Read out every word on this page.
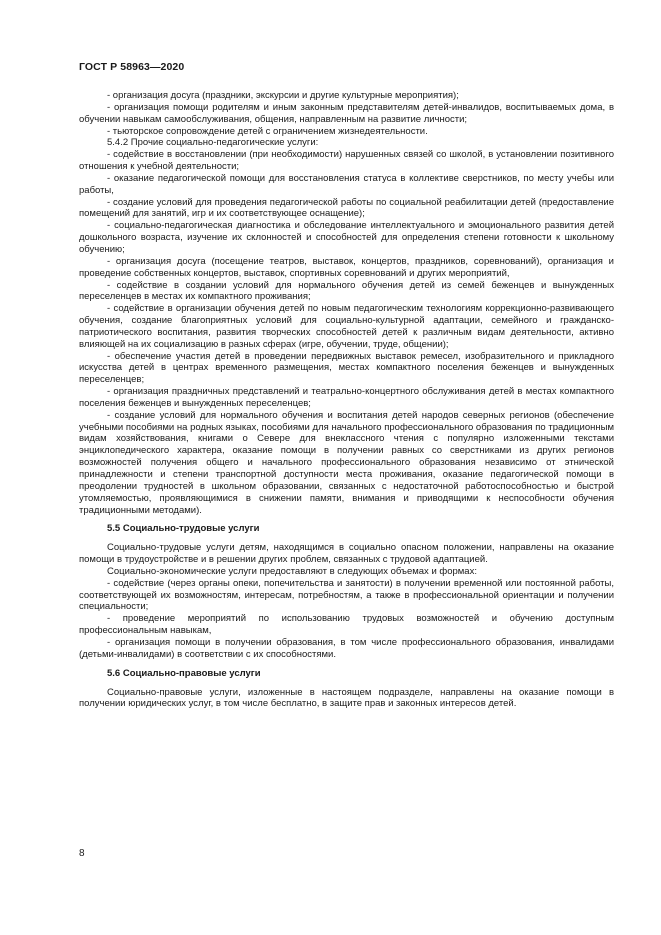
ГОСТ Р 58963—2020

- организация досуга (праздники, экскурсии и другие культурные мероприятия);

- организация помощи родителям и иным законным представителям детей-инвалидов, воспитываемых дома, в обучении навыкам самообслуживания, общения, направленным на развитие личности;

- тьюторское сопровождение детей с ограничением жизнедеятельности.

5.4.2 Прочие социально-педагогические услуги:

- содействие в восстановлении (при необходимости) нарушенных связей со школой, в установлении позитивного отношения к учебной деятельности;

- оказание педагогической помощи для восстановления статуса в коллективе сверстников, по месту учебы или работы,

- создание условий для проведения педагогической работы по социальной реабилитации детей (предоставление помещений для занятий, игр и их соответствующее оснащение);

- социально-педагогическая диагностика и обследование интеллектуального и эмоционального развития детей дошкольного возраста, изучение их склонностей и способностей для определения степени готовности к школьному обучению;

- организация досуга (посещение театров, выставок, концертов, праздников, соревнований), организация и проведение собственных концертов, выставок, спортивных соревнований и других мероприятий,

- содействие в создании условий для нормального обучения детей из семей беженцев и вынужденных переселенцев в местах их компактного проживания;

- содействие в организации обучения детей по новым педагогическим технологиям коррекционно-развивающего обучения, создание благоприятных условий для социально-культурной адаптации, семейного и гражданско-патриотического воспитания, развития творческих способностей детей к различным видам деятельности, активно влияющей на их социализацию в разных сферах (игре, обучении, труде, общении);

- обеспечение участия детей в проведении передвижных выставок ремесел, изобразительного и прикладного искусства детей в центрах временного размещения, местах компактного поселения беженцев и вынужденных переселенцев;

- организация праздничных представлений и театрально-концертного обслуживания детей в местах компактного поселения беженцев и вынужденных переселенцев;

- создание условий для нормального обучения и воспитания детей народов северных регионов (обеспечение учебными пособиями на родных языках, пособиями для начального профессионального образования по традиционным видам хозяйствования, книгами о Севере для внеклассного чтения с популярно изложенными текстами энциклопедического характера, оказание помощи в получении равных со сверстниками из других регионов возможностей получения общего и начального профессионального образования независимо от этнической принадлежности и степени транспортной доступности места проживания, оказание педагогической помощи в преодолении трудностей в школьном образовании, связанных с недостаточной работоспособностью и быстрой утомляемостью, проявляющимися в снижении памяти, внимания и приводящими к неспособности обучения традиционными методами).

5.5 Социально-трудовые услуги

Социально-трудовые услуги детям, находящимся в социально опасном положении, направлены на оказание помощи в трудоустройстве и в решении других проблем, связанных с трудовой адаптацией.

Социально-экономические услуги предоставляют в следующих объемах и формах:

- содействие (через органы опеки, попечительства и занятости) в получении временной или постоянной работы, соответствующей их возможностям, интересам, потребностям, а также в профессиональной ориентации и получении специальности;

- проведение мероприятий по использованию трудовых возможностей и обучению доступным профессиональным навыкам,

- организация помощи в получении образования, в том числе профессионального образования, инвалидами (детьми-инвалидами) в соответствии с их способностями.

5.6 Социально-правовые услуги

Социально-правовые услуги, изложенные в настоящем подразделе, направлены на оказание помощи в получении юридических услуг, в том числе бесплатно, в защите прав и законных интересов детей.

8
